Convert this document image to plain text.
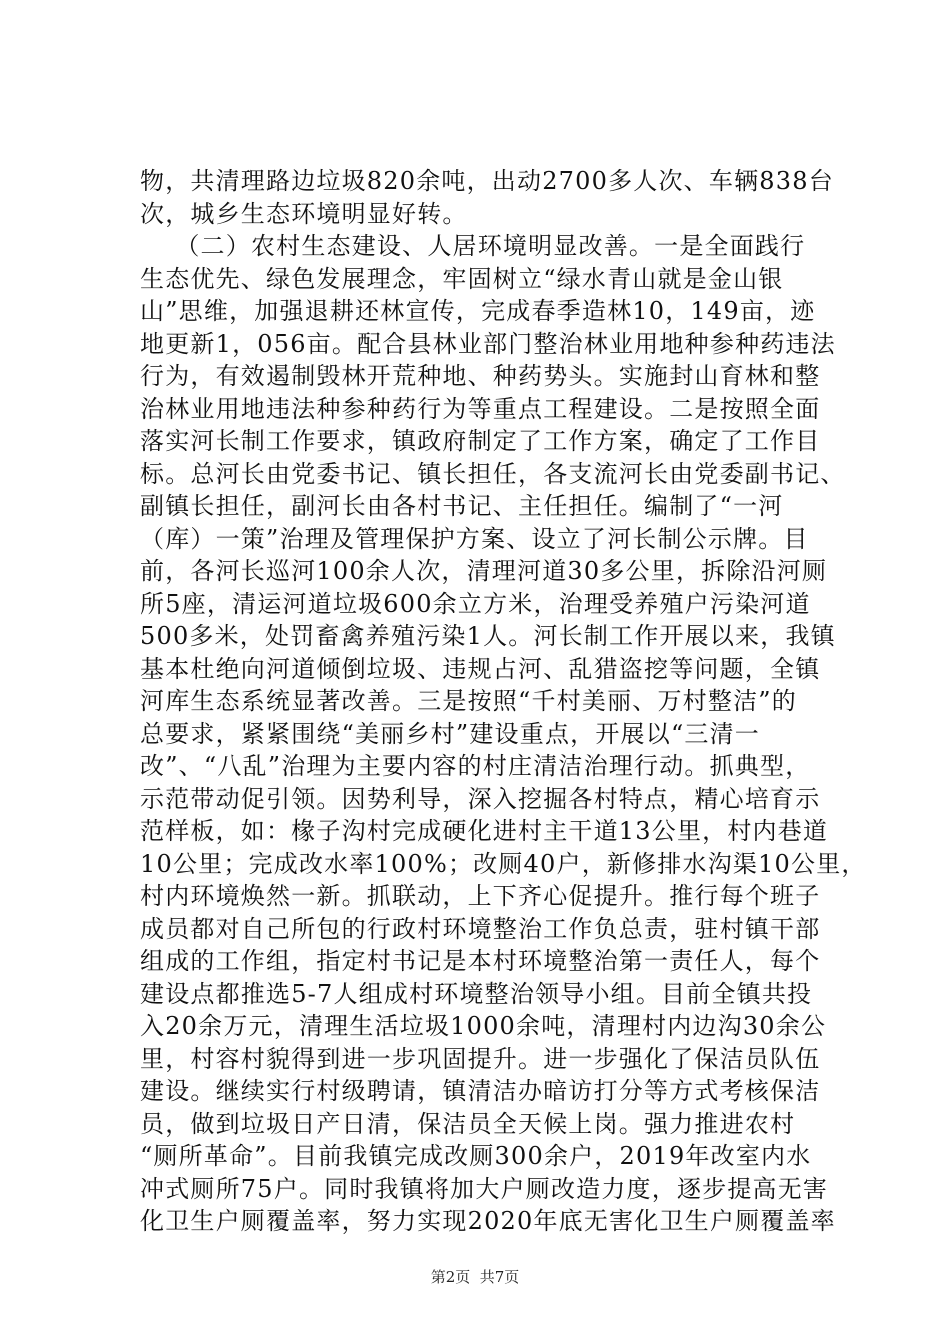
物，共清理路边垃圾820余吨，出动2700多人次、车辆838台
次，城乡生态环境明显好转。
（二）农村生态建设、人居环境明显改善。一是全面践行
生态优先、绿色发展理念，牢固树立“绿水青山就是金山银
山”思维，加强退耕还林宣传，完成春季造林10，149亩，迹
地更新1，056亩。配合县林业部门整治林业用地种参种药违法
行为，有效遏制毁林开荒种地、种药势头。实施封山育林和整
治林业用地违法种参种药行为等重点工程建设。二是按照全面
落实河长制工作要求，镇政府制定了工作方案，确定了工作目
标。总河长由党委书记、镇长担任，各支流河长由党委副书记、
副镇长担任，副河长由各村书记、主任担任。编制了“一河
（库）一策”治理及管理保护方案、设立了河长制公示牌。目
前，各河长巡河100余人次，清理河道30多公里，拆除沿河厕
所5座，清运河道垃圾600余立方米，治理受养殖户污染河道
500多米，处罚畜禽养殖污染1人。河长制工作开展以来，我镇
基本杜绝向河道倾倒垃圾、违规占河、乱猎盗挖等问题，全镇
河库生态系统显著改善。三是按照“千村美丽、万村整洁”的
总要求，紧紧围绕“美丽乡村”建设重点，开展以“三清一
改”、“八乱”治理为主要内容的村庄清洁治理行动。抓典型，
示范带动促引领。因势利导，深入挖掘各村特点，精心培育示
范样板，如：椽子沟村完成硬化进村主干道13公里，村内巷道
10公里；完成改水率100%；改厕40户，新修排水沟渠10公里，
村内环境焕然一新。抓联动，上下齐心促提升。推行每个班子
成员都对自己所包的行政村环境整治工作负总责，驻村镇干部
组成的工作组，指定村书记是本村环境整治第一责任人，每个
建设点都推选5-7人组成村环境整治领导小组。目前全镇共投
入20余万元，清理生活垃圾1000余吨，清理村内边沟30余公
里，村容村貌得到进一步巩固提升。进一步强化了保洁员队伍
建设。继续实行村级聘请，镇清洁办暗访打分等方式考核保洁
员，做到垃圾日产日清，保洁员全天候上岗。强力推进农村
“厕所革命”。目前我镇完成改厕300余户，2019年改室内水
冲式厕所75户。同时我镇将加大户厕改造力度，逐步提高无害
化卫生户厕覆盖率，努力实现2020年底无害化卫生户厕覆盖率
第2页  共7页
